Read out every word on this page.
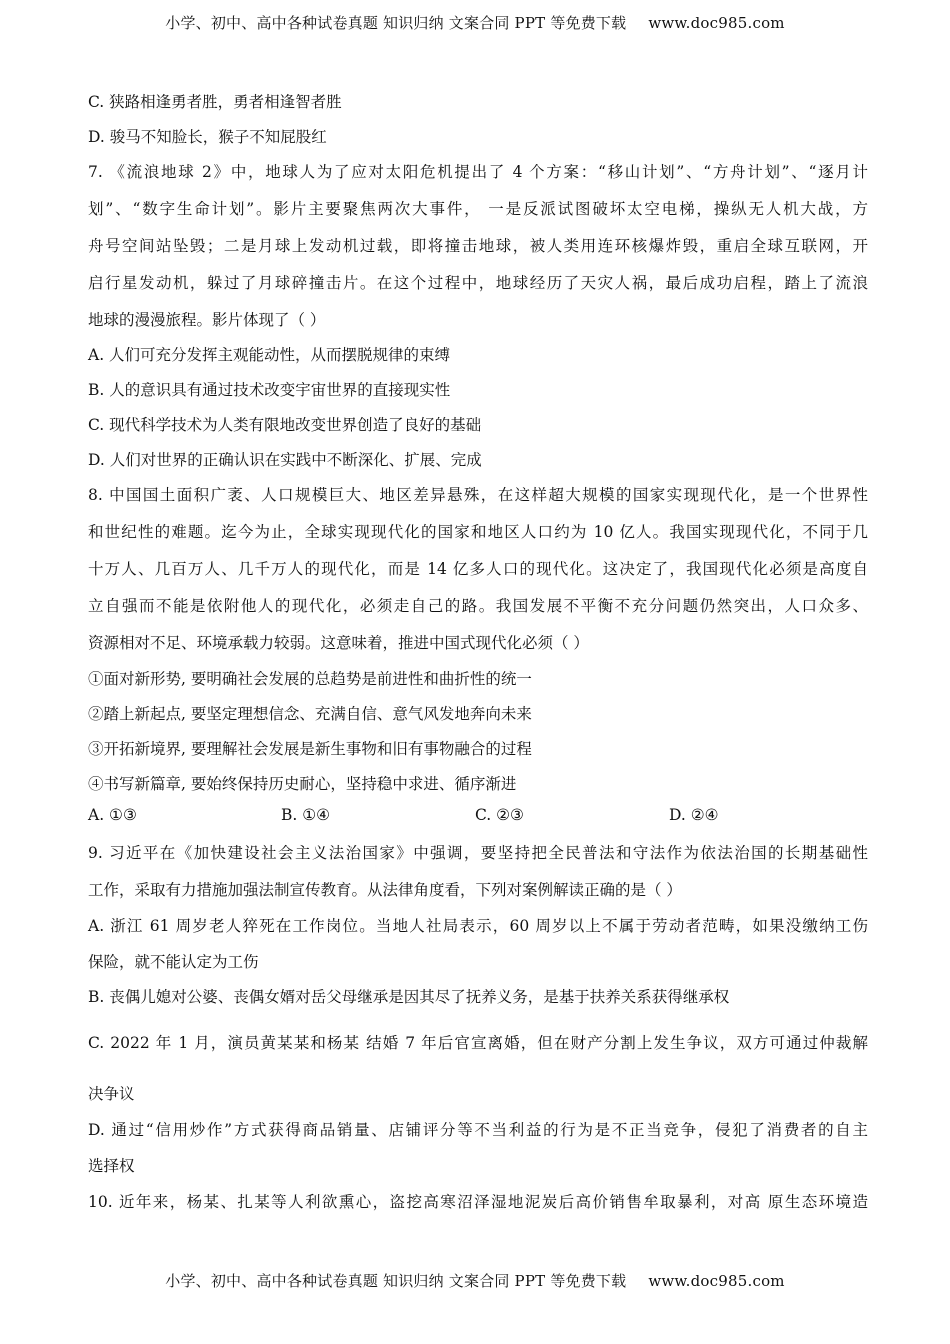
小学、初中、高中各种试卷真题 知识归纳 文案合同 PPT 等免费下载 www.doc985.com
C. 狭路相逢勇者胜，勇者相逢智者胜
D. 骏马不知脸长，猴子不知屁股红
7. 《流浪地球 2》中，地球人为了应对太阳危机提出了 4 个方案：“移山计划”、“方舟计划”、“逐月计
划”、“数字生命计划”。影片主要聚焦两次大事件， 一是反派试图破坏太空电梯，操纵无人机大战，方
舟号空间站坠毁；二是月球上发动机过载，即将撞击地球，被人类用连环核爆炸毁，重启全球互联网，开
启行星发动机，躲过了月球碎撞击片。在这个过程中，地球经历了天灾人祸，最后成功启程，踏上了流浪
地球的漫漫旅程。影片体现了（ ）
A. 人们可充分发挥主观能动性，从而摆脱规律的束缚
B. 人的意识具有通过技术改变宇宙世界的直接现实性
C. 现代科学技术为人类有限地改变世界创造了良好的基础
D. 人们对世界的正确认识在实践中不断深化、扩展、完成
8. 中国国土面积广袤、人口规模巨大、地区差异悬殊，在这样超大规模的国家实现现代化，是一个世界性
和世纪性的难题。迄今为止，全球实现现代化的国家和地区人口约为 10 亿人。我国实现现代化，不同于几
十万人、几百万人、几千万人的现代化，而是 14 亿多人口的现代化。这决定了，我国现代化必须是高度自
立自强而不能是依附他人的现代化，必须走自己的路。我国发展不平衡不充分问题仍然突出，人口众多、
资源相对不足、环境承载力较弱。这意味着，推进中国式现代化必须（ ）
①面对新形势, 要明确社会发展的总趋势是前进性和曲折性的统一
②踏上新起点, 要坚定理想信念、充满自信、意气风发地奔向未来
③开拓新境界, 要理解社会发展是新生事物和旧有事物融合的过程
④书写新篇章, 要始终保持历史耐心，坚持稳中求进、循序渐进
A. ①③	B. ①④	C. ②③	D. ②④
9. 习近平在《加快建设社会主义法治国家》中强调，要坚持把全民普法和守法作为依法治国的长期基础性
工作，采取有力措施加强法制宣传教育。从法律角度看，下列对案例解读正确的是（ ）
A. 浙江 61 周岁老人猝死在工作岗位。当地人社局表示，60 周岁以上不属于劳动者范畴，如果没缴纳工伤
保险，就不能认定为工伤
B. 丧偶儿媳对公婆、丧偶女婿对岳父母继承是因其尽了抚养义务，是基于扶养关系获得继承权
C. 2022 年 1 月，演员黄某某和杨某 结婚 7 年后官宣离婚，但在财产分割上发生争议，双方可通过仲裁解
决争议
D. 通过“信用炒作”方式获得商品销量、店铺评分等不当利益的行为是不正当竞争，侵犯了消费者的自主
选择权
10. 近年来，杨某、扎某等人利欲熏心，盗挖高寒沼泽湿地泥炭后高价销售牟取暴利，对高 原生态环境造
小学、初中、高中各种试卷真题 知识归纳 文案合同 PPT 等免费下载 www.doc985.com
